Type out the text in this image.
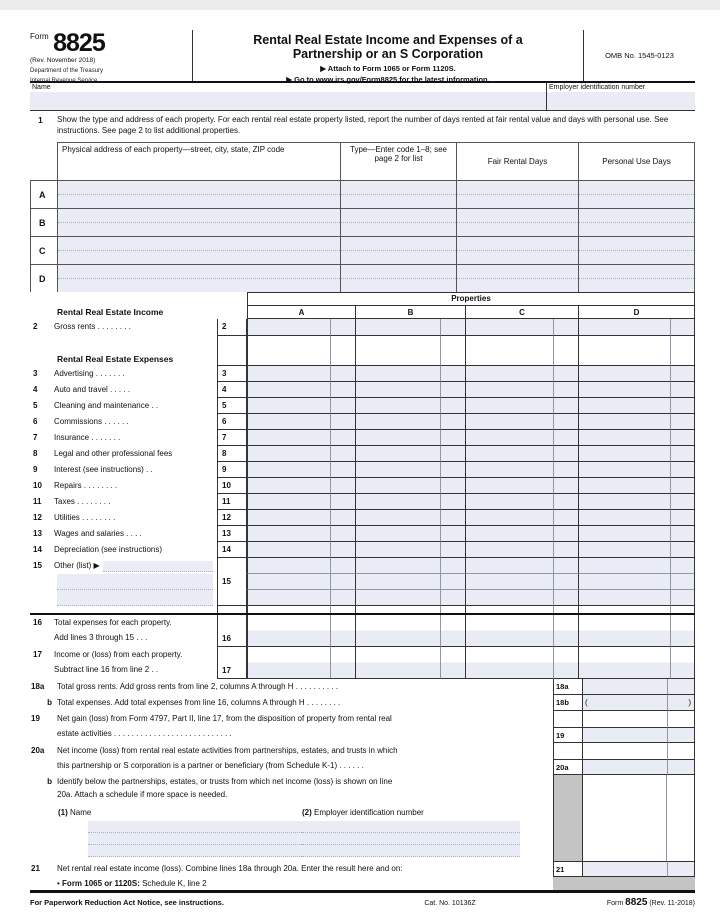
$^{Form}$ 8825
(Rev. November 2018)
Department of the Treasury
Internal Revenue Service
Rental Real Estate Income and Expenses of a
Partnership or an S Corporation
▶ Attach to Form 1065 or Form 1120S.
▶ Go to www.irs.gov/Form8825 for the latest information.
OMB No. 1545-0123
Name	Employer identification number
1	Show the type and address of each property. For each rental real estate property listed, report the number of days rented at fair rental value and days with personal use. See instructions. See page 2 to list additional properties.
Physical address of each property—street, city, state, ZIP code	Type—Enter code 1–8; see page 2 for list	Fair Rental Days	Personal Use Days
A
B
C
D
Properties
Rental Real Estate Income	A	B	C	D
2	Gross rents . . . . . . . .	2
Rental Real Estate Expenses
3	Advertising . . . . . . .	3
4	Auto and travel . . . . .	4
5	Cleaning and maintenance . .	5
6	Commissions . . . . . .	6
7	Insurance . . . . . . .	7
8	Legal and other professional fees	8
9	Interest (see instructions) . .	9
10	Repairs . . . . . . . .	10
11	Taxes . . . . . . . .	11
12	Utilities . . . . . . . .	12
13	Wages and salaries . . . .	13
14	Depreciation (see instructions)	14
15	Other (list) ▶
15
16	Total expenses for each property.
Add lines 3 through 15 . . .	16
17	Income or (loss) from each property.
Subtract line 16 from line 2 . .	17
18a	Total gross rents. Add gross rents from line 2, columns A through H . . . . . . . . . .	18a
b Total expenses. Add total expenses from line 16, columns A through H . . . . . . . .	18b	(	)
19	Net gain (loss) from Form 4797, Part II, line 17, from the disposition of property from rental real
estate activities . . . . . . . . . . . . . . . . . . . . . . . . . . .	19
20a	Net income (loss) from rental real estate activities from partnerships, estates, and trusts in which
this partnership or S corporation is a partner or beneficiary (from Schedule K-1) . . . . . .	20a
b Identify below the partnerships, estates, or trusts from which net income (loss) is shown on line
20a. Attach a schedule if more space is needed.
(1) Name	(2) Employer identification number
21	Net rental real estate income (loss). Combine lines 18a through 20a. Enter the result here and on:	21
• Form 1065 or 1120S: Schedule K, line 2
For Paperwork Reduction Act Notice, see instructions.	Cat. No. 10136Z	Form 8825 (Rev. 11-2018)
